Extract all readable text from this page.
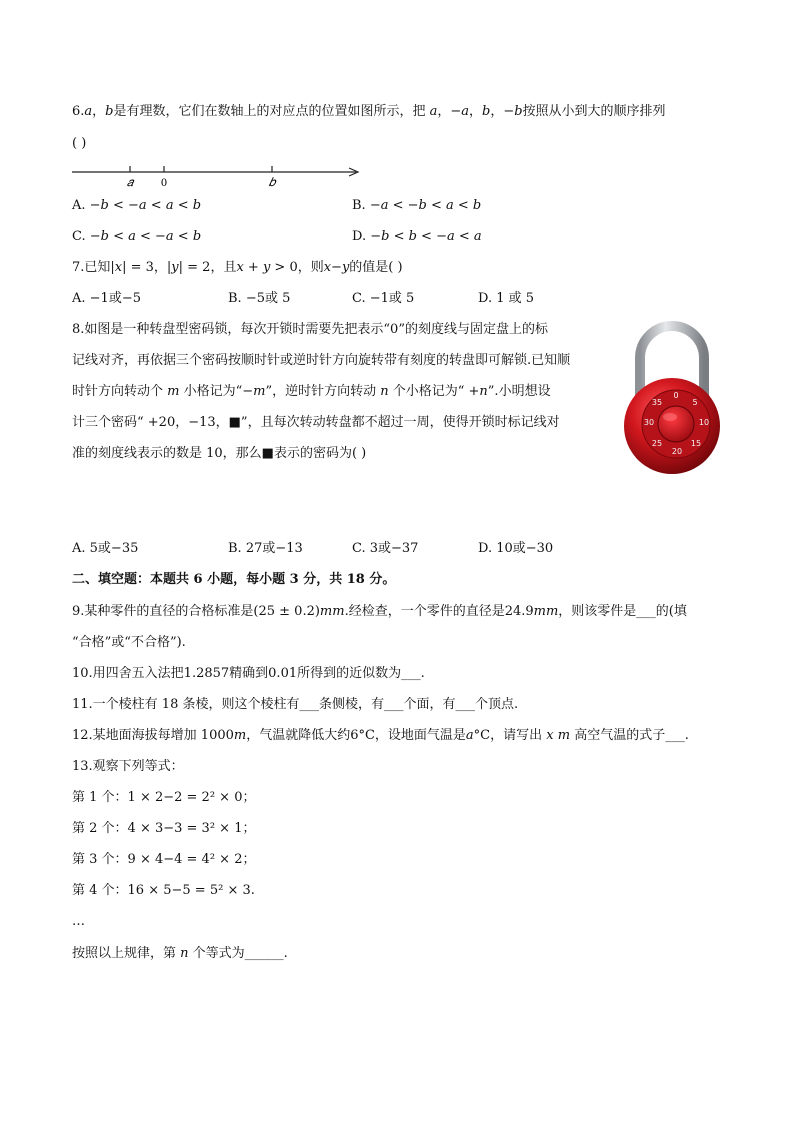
6.𝑎，𝑏是有理数，它们在数轴上的对应点的位置如图所示，把 𝑎，−𝑎，𝑏，−𝑏按照从小到大的顺序排列
( )
𝑎 0	𝑏
A. −𝑏 < −𝑎 < 𝑎 < 𝑏	B. −𝑎 < −𝑏 < 𝑎 < 𝑏
C. −𝑏 < 𝑎 < −𝑎 < 𝑏	D. −𝑏 < 𝑏 < −𝑎 < 𝑎
7.已知|𝑥| = 3，|𝑦| = 2，且𝑥 + 𝑦 > 0，则𝑥−𝑦的值是( )
A. −1或−5	B. −5或 5	C. −1或 5	D. 1 或 5
8.如图是一种转盘型密码锁，每次开锁时需要先把表示“0”的刻度线与固定盘上的标
记线对齐，再依据三个密码按顺时针或逆时针方向旋转带有刻度的转盘即可解锁.已知顺
时针方向转动个 𝑚 小格记为“−𝑚”，逆时针方向转动 𝑛 个小格记为“ +𝑛”.小明想设
计三个密码“ +20，−13，■”，且每次转动转盘都不超过一周，使得开锁时标记线对
准的刻度线表示的数是 10，那么■表示的密码为( )
0
5
10
15
20
25
30
35
A. 5或−35	B. 27或−13	C. 3或−37	D. 10或−30
二、填空题：本题共 6 小题，每小题 3 分，共 18 分。
9.某种零件的直径的合格标准是(25 ± 0.2)𝑚𝑚.经检查，一个零件的直径是24.9𝑚𝑚，则该零件是___的(填
“合格”或“不合格”).
10.用四舍五入法把1.2857精确到0.01所得到的近似数为___.
11.一个棱柱有 18 条棱，则这个棱柱有___条侧棱，有___个面，有___个顶点.
12.某地面海拔每增加 1000𝑚，气温就降低大约6°C，设地面气温是𝑎°C，请写出 𝑥 𝑚 高空气温的式子___.
13.观察下列等式：
第 1 个：1 × 2−2 = 2² × 0；
第 2 个：4 × 3−3 = 3² × 1；
第 3 个：9 × 4−4 = 4² × 2；
第 4 个：16 × 5−5 = 5² × 3.
…
按照以上规律，第 𝑛 个等式为______.
